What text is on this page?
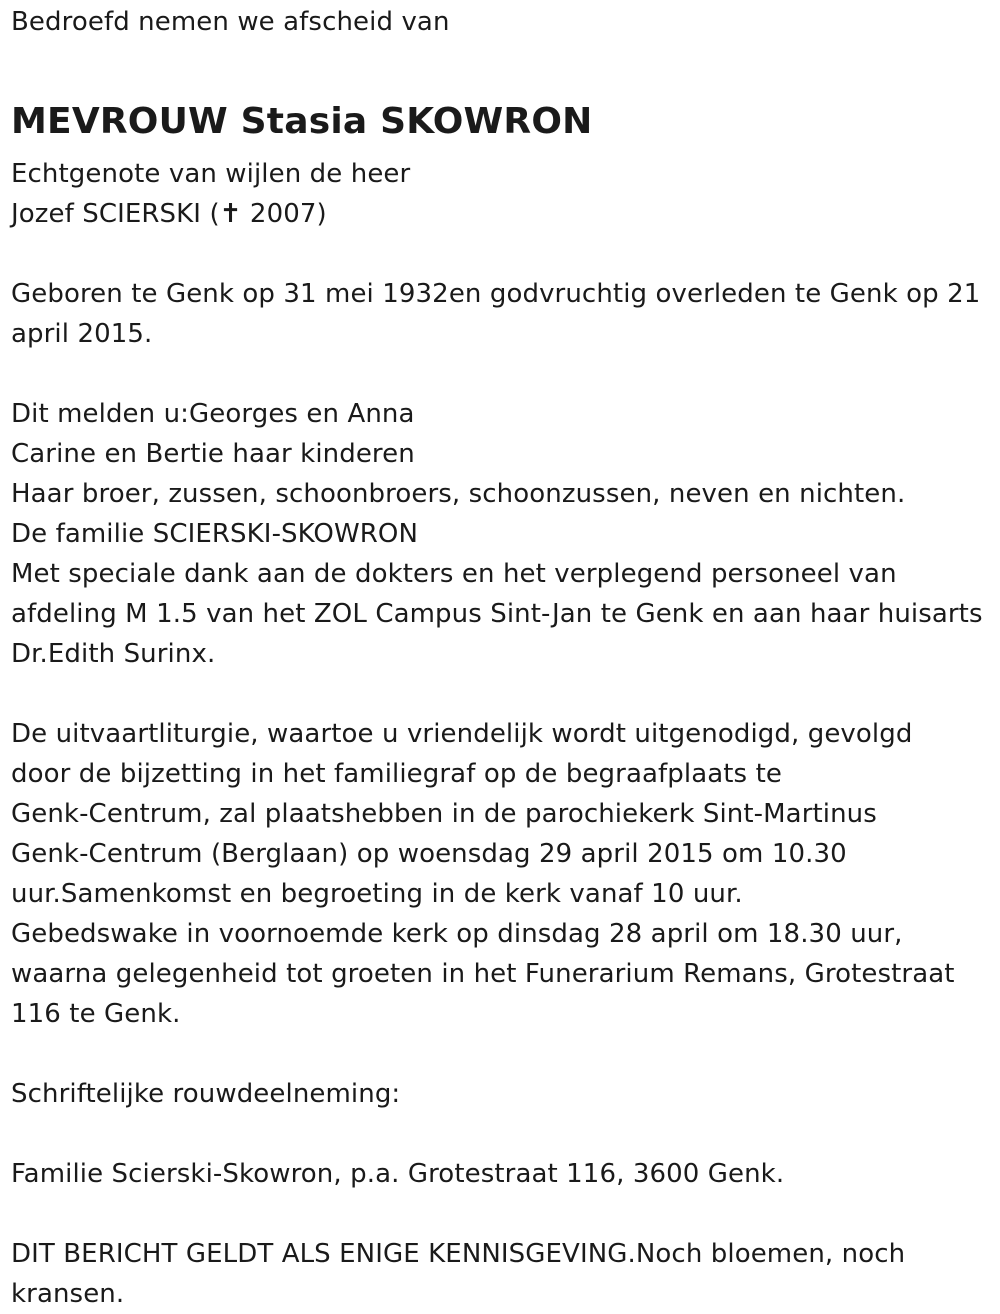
Bedroefd nemen we afscheid van

MEVROUW Stasia SKOWRON

Echtgenote van wijlen de heer

Jozef SCIERSKI (✝ 2007)

Geboren te Genk op 31 mei 1932en godvruchtig overleden te Genk op 21

april 2015.

Dit melden u:Georges en Anna

Carine en Bertie haar kinderen

Haar broer, zussen, schoonbroers, schoonzussen, neven en nichten.

De familie SCIERSKI-SKOWRON

Met speciale dank aan de dokters en het verplegend personeel van

afdeling M 1.5 van het ZOL Campus Sint-Jan te Genk en aan haar huisarts

Dr.Edith Surinx.

De uitvaartliturgie, waartoe u vriendelijk wordt uitgenodigd, gevolgd

door de bijzetting in het familiegraf op de begraafplaats te

Genk-Centrum, zal plaatshebben in de parochiekerk Sint-Martinus

Genk-Centrum (Berglaan) op woensdag 29 april 2015 om 10.30

uur.Samenkomst en begroeting in de kerk vanaf 10 uur.

Gebedswake in voornoemde kerk op dinsdag 28 april om 18.30 uur,

waarna gelegenheid tot groeten in het Funerarium Remans, Grotestraat

116 te Genk.

Schriftelijke rouwdeelneming:

Familie Scierski-Skowron, p.a. Grotestraat 116, 3600 Genk.

DIT BERICHT GELDT ALS ENIGE KENNISGEVING.Noch bloemen, noch

kransen.
